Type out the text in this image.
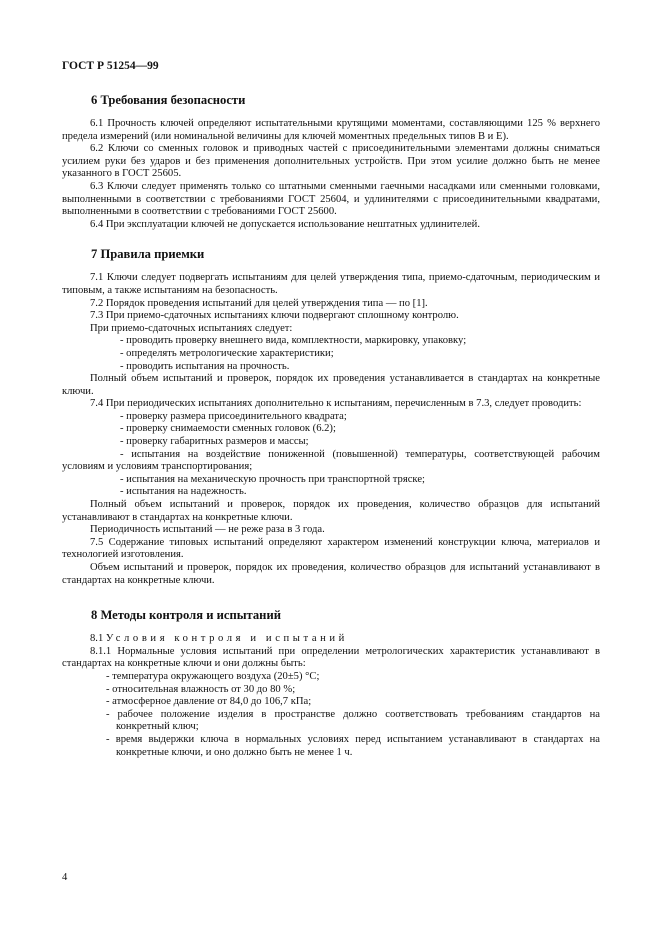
ГОСТ Р 51254—99
6 Требования безопасности

6.1 Прочность ключей определяют испытательными крутящими моментами, составляющими 125 % верхнего предела измерений (или номинальной величины для ключей моментных предельных типов В и Е).

6.2 Ключи со сменных головок и приводных частей с присоединительными элементами должны сниматься усилием руки без ударов и без применения дополнительных устройств. При этом усилие должно быть не менее указанного в ГОСТ 25605.

6.3 Ключи следует применять только со штатными сменными гаечными насадками или сменными головками, выполненными в соответствии с требованиями ГОСТ 25604, и удлинителями с присоединительными квадратами, выполненными в соответствии с требованиями ГОСТ 25600.

6.4 При эксплуатации ключей не допускается использование нештатных удлинителей.

7 Правила приемки

7.1 Ключи следует подвергать испытаниям для целей утверждения типа, приемо-сдаточным, периодическим и типовым, а также испытаниям на безопасность.

7.2 Порядок проведения испытаний для целей утверждения типа — по [1].

7.3 При приемо-сдаточных испытаниях ключи подвергают сплошному контролю.

При приемо-сдаточных испытаниях следует:

- проводить проверку внешнего вида, комплектности, маркировку, упаковку;

- определять метрологические характеристики;

- проводить испытания на прочность.

Полный объем испытаний и проверок, порядок их проведения устанавливается в стандартах на конкретные ключи.

7.4 При периодических испытаниях дополнительно к испытаниям, перечисленным в 7.3, следует проводить:

- проверку размера присоединительного квадрата;

- проверку снимаемости сменных головок (6.2);

- проверку габаритных размеров и массы;

- испытания на воздействие пониженной (повышенной) температуры, соответствующей рабочим условиям и условиям транспортирования;

- испытания на механическую прочность при транспортной тряске;

- испытания на надежность.

Полный объем испытаний и проверок, порядок их проведения, количество образцов для испытаний устанавливают в стандартах на конкретные ключи.

Периодичность испытаний — не реже раза в 3 года.

7.5 Содержание типовых испытаний определяют характером изменений конструкции ключа, материалов и технологией изготовления.

Объем испытаний и проверок, порядок их проведения, количество образцов для испытаний устанавливают в стандартах на конкретные ключи.

8 Методы контроля и испытаний

8.1 Условия контроля и испытаний

8.1.1 Нормальные условия испытаний при определении метрологических характеристик устанавливают в стандартах на конкретные ключи и они должны быть:

- температура окружающего воздуха (20±5) °С;

- относительная влажность от 30 до 80 %;

- атмосферное давление от 84,0 до 106,7 кПа;

- рабочее положение изделия в пространстве должно соответствовать требованиям стандартов на конкретный ключ;

- время выдержки ключа в нормальных условиях перед испытанием устанавливают в стандартах на конкретные ключи, и оно должно быть не менее 1 ч.

4
